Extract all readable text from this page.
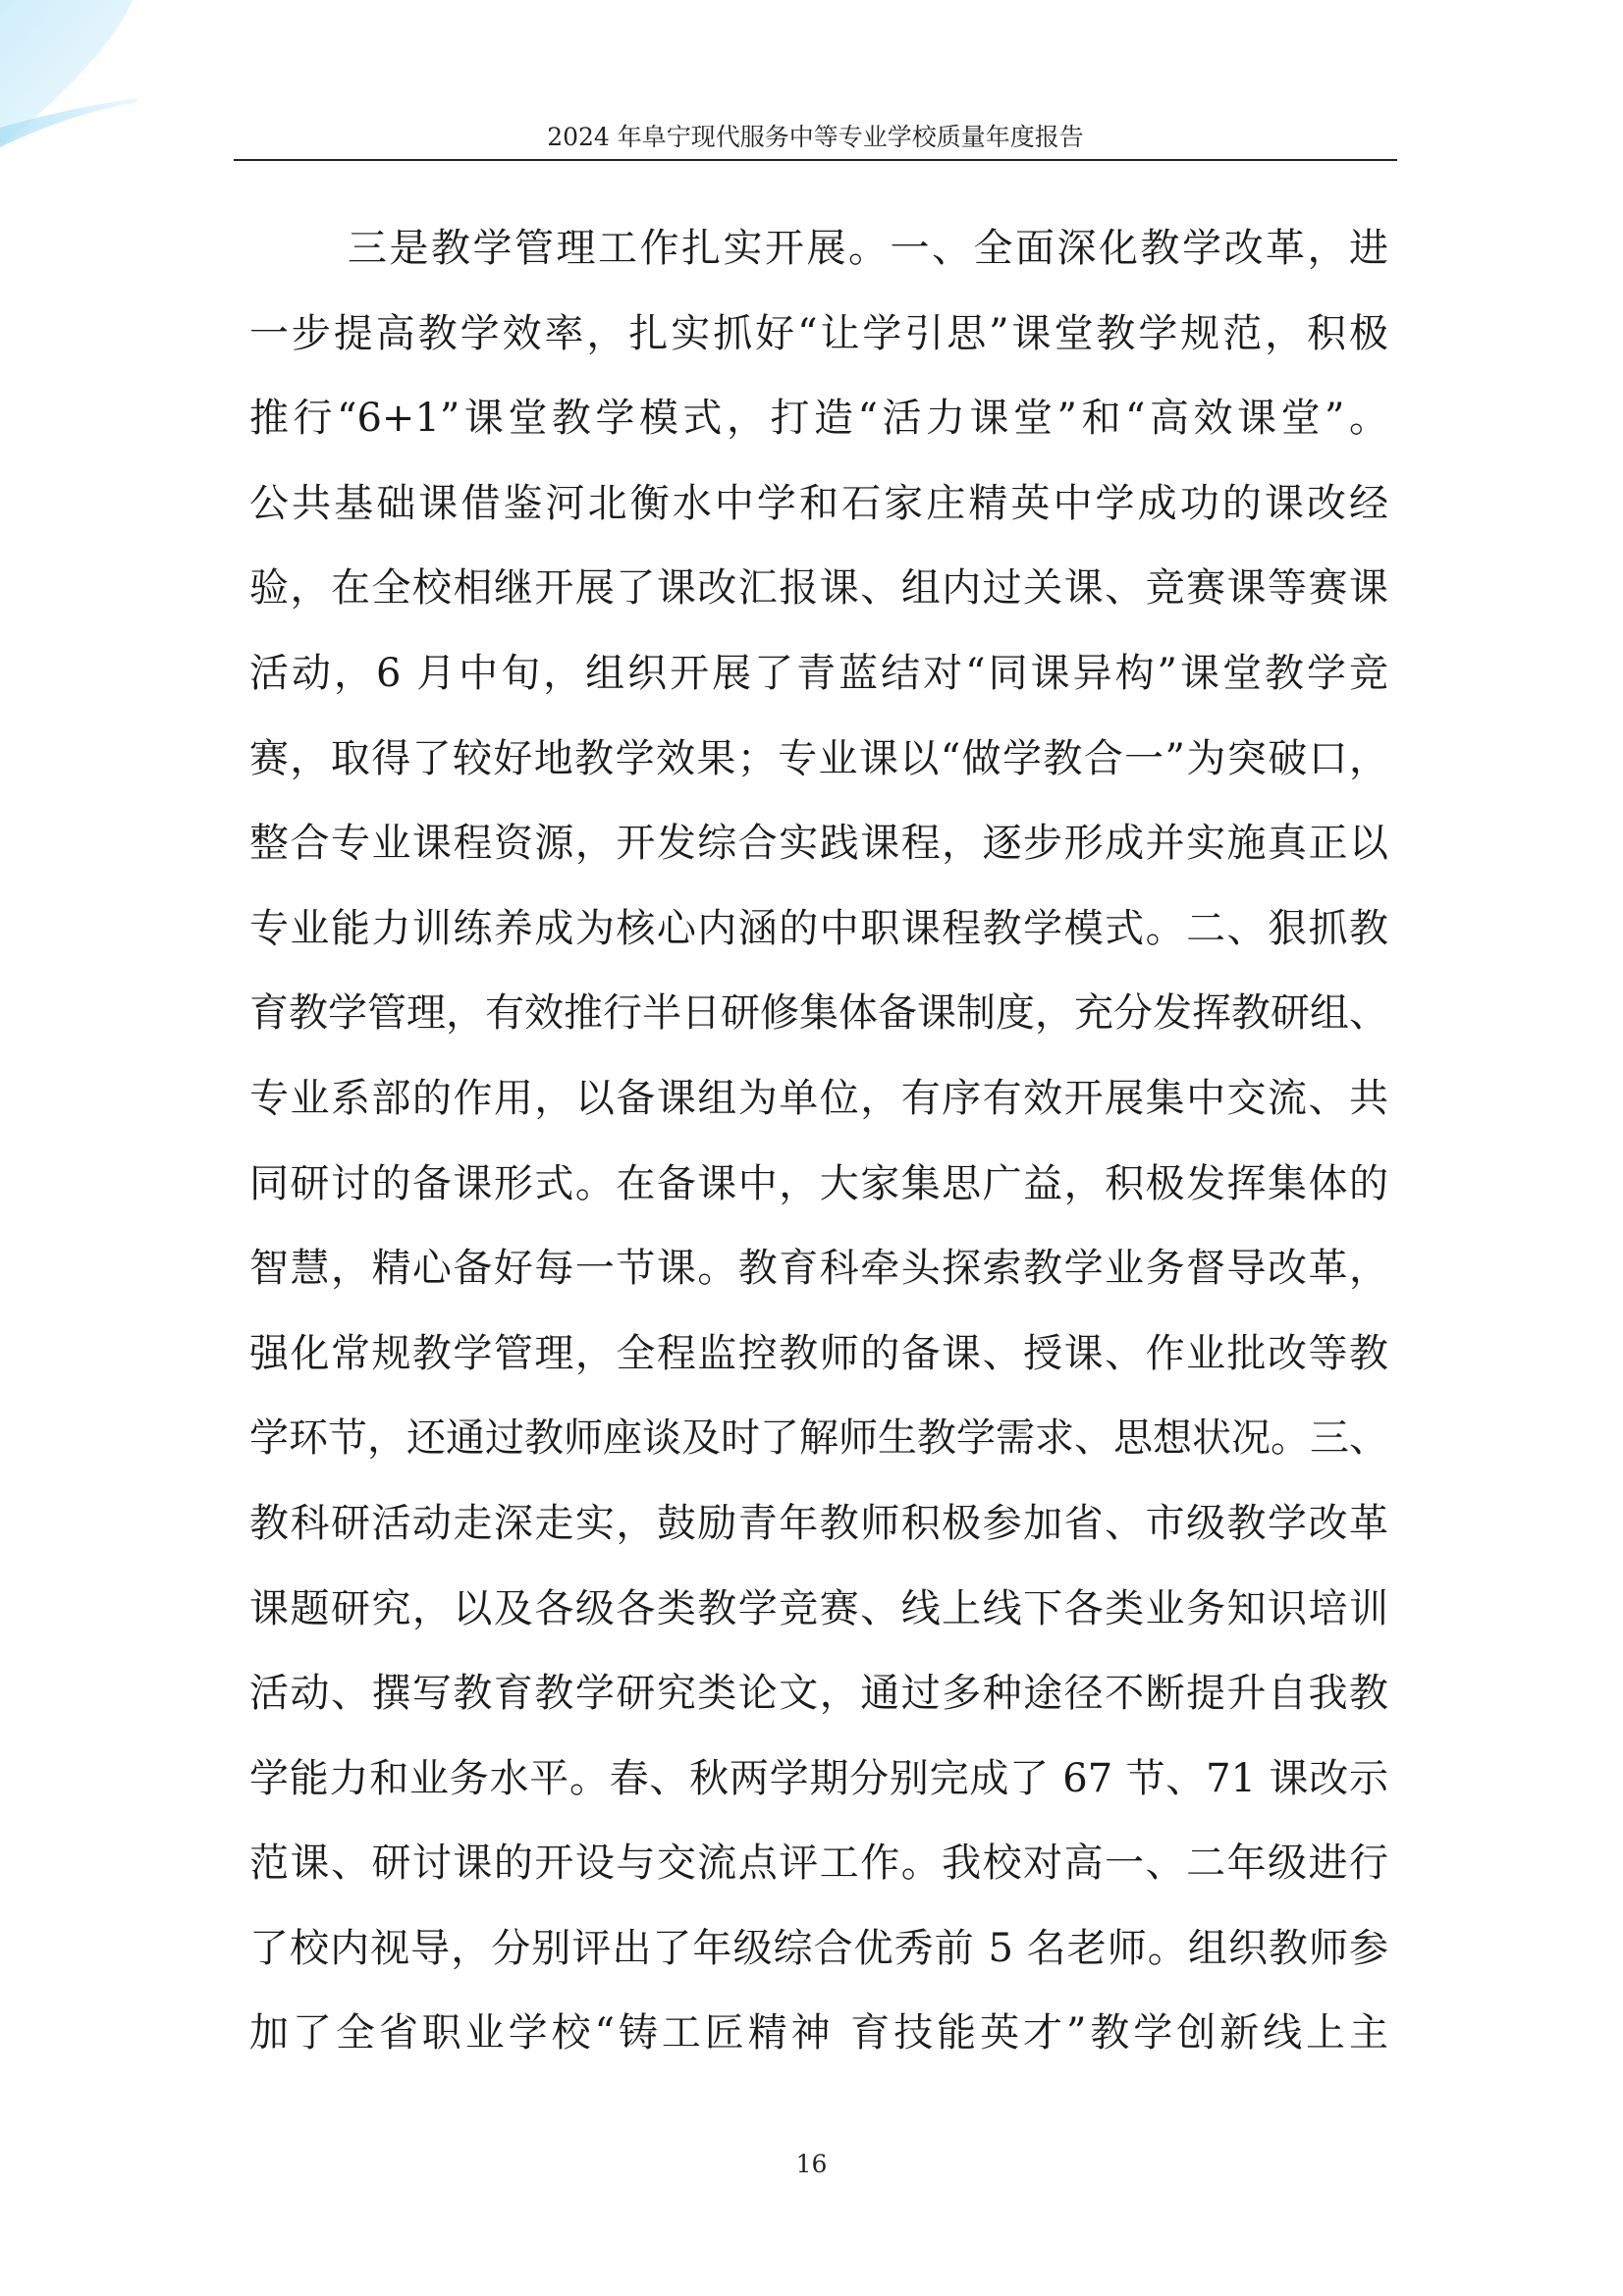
2024 年阜宁现代服务中等专业学校质量年度报告
三是教学管理工作扎实开展。一、全面深化教学改革，进
一步提高教学效率，扎实抓好“让学引思”课堂教学规范，积极
推行“6+1”课堂教学模式，打造“活力课堂”和“高效课堂”。
公共基础课借鉴河北衡水中学和石家庄精英中学成功的课改经
验，在全校相继开展了课改汇报课、组内过关课、竞赛课等赛课
活动，6 月中旬，组织开展了青蓝结对“同课异构”课堂教学竞
赛，取得了较好地教学效果；专业课以“做学教合一”为突破口，
整合专业课程资源，开发综合实践课程，逐步形成并实施真正以
专业能力训练养成为核心内涵的中职课程教学模式。二、狠抓教
育教学管理，有效推行半日研修集体备课制度，充分发挥教研组、
专业系部的作用，以备课组为单位，有序有效开展集中交流、共
同研讨的备课形式。在备课中，大家集思广益，积极发挥集体的
智慧，精心备好每一节课。教育科牵头探索教学业务督导改革，
强化常规教学管理，全程监控教师的备课、授课、作业批改等教
学环节，还通过教师座谈及时了解师生教学需求、思想状况。三、
教科研活动走深走实，鼓励青年教师积极参加省、市级教学改革
课题研究，以及各级各类教学竞赛、线上线下各类业务知识培训
活动、撰写教育教学研究类论文，通过多种途径不断提升自我教
学能力和业务水平。春、秋两学期分别完成了 67 节、71 课改示
范课、研讨课的开设与交流点评工作。我校对高一、二年级进行
了校内视导，分别评出了年级综合优秀前 5 名老师。组织教师参
加了全省职业学校“铸工匠精神 育技能英才”教学创新线上主
16
